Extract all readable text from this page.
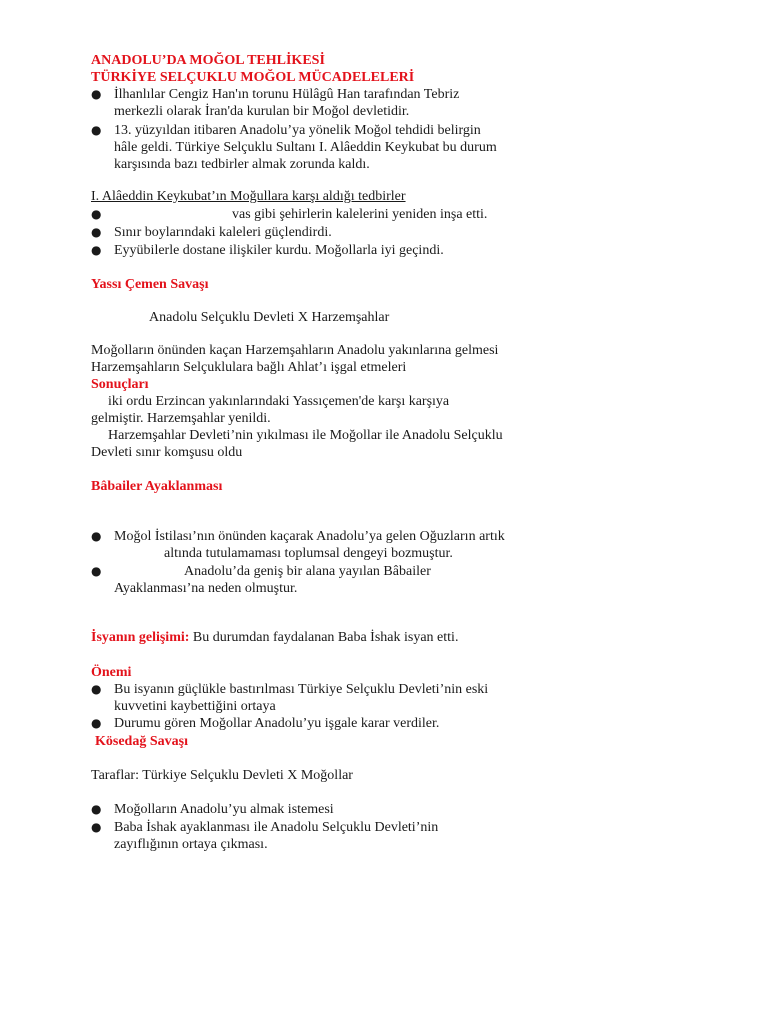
ANADOLU’DA MOĞOL TEHLİKESİ
TÜRKİYE SELÇUKLU MOĞOL MÜCADELELERİ
●
İlhanlılar Cengiz Han'ın torunu Hülâgû Han tarafından Tebriz
merkezli olarak İran'da kurulan bir Moğol devletidir.
●
13. yüzyıldan itibaren Anadolu’ya yönelik Moğol tehdidi belirgin
hâle geldi. Türkiye Selçuklu Sultanı I. Alâeddin Keykubat bu durum
karşısında bazı tedbirler almak zorunda kaldı.
I. Alâeddin Keykubat’ın Moğullara karşı aldığı tedbirler
●
vas gibi şehirlerin kalelerini yeniden inşa etti.
●
Sınır boylarındaki kaleleri güçlendirdi.
●
Eyyübilerle dostane ilişkiler kurdu. Moğollarla iyi geçindi.
Yassı Çemen Savaşı
Anadolu Selçuklu Devleti X Harzemşahlar
Moğolların önünden kaçan Harzemşahların Anadolu yakınlarına gelmesi
Harzemşahların Selçuklulara bağlı Ahlat’ı işgal etmeleri
Sonuçları
iki ordu Erzincan yakınlarındaki Yassıçemen'de karşı karşıya
gelmiştir. Harzemşahlar yenildi.
Harzemşahlar Devleti’nin yıkılması ile Moğollar ile Anadolu Selçuklu
Devleti sınır komşusu oldu
Bâbailer Ayaklanması
●
Moğol İstilası’nın önünden kaçarak Anadolu’ya gelen Oğuzların artık
altında tutulamaması toplumsal dengeyi bozmuştur.
●
Anadolu’da geniş bir alana yayılan Bâbailer
Ayaklanması’na neden olmuştur.
İsyanın gelişimi: Bu durumdan faydalanan Baba İshak isyan etti.
Önemi
●
Bu isyanın güçlükle bastırılması Türkiye Selçuklu Devleti’nin eski
kuvvetini kaybettiğini ortaya
●
Durumu gören Moğollar Anadolu’yu işgale karar verdiler.
Kösedağ Savaşı
Taraflar: Türkiye Selçuklu Devleti X Moğollar
●
Moğolların Anadolu’yu almak istemesi
●
Baba İshak ayaklanması ile Anadolu Selçuklu Devleti’nin
zayıflığının ortaya çıkması.
